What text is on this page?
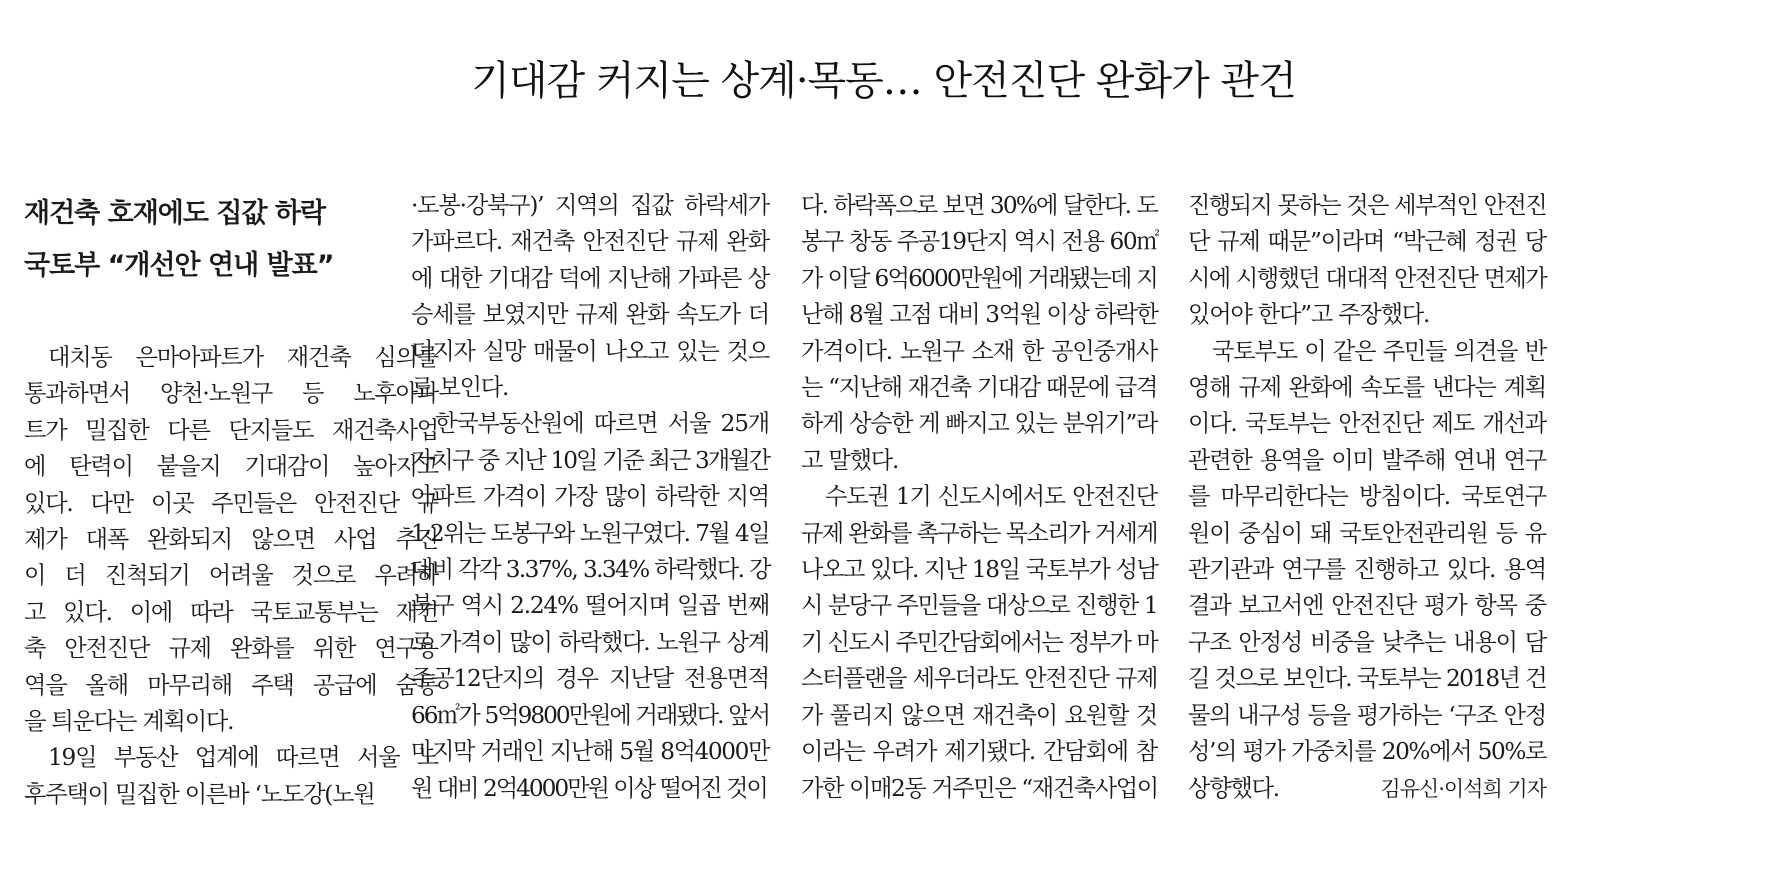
기대감 커지는 상계·목동… 안전진단 완화가 관건
재건축 호재에도 집값 하락
국토부 “개선안 연내 발표”

대치동 은마아파트가 재건축 심의를

통과하면서 양천·노원구 등 노후아파

트가 밀집한 다른 단지들도 재건축사업

에 탄력이 붙을지 기대감이 높아지고

있다. 다만 이곳 주민들은 안전진단 규

제가 대폭 완화되지 않으면 사업 추진

이 더 진척되기 어려울 것으로 우려하

고 있다. 이에 따라 국토교통부는 재건

축 안전진단 규제 완화를 위한 연구용

역을 올해 마무리해 주택 공급에 숨통

을 틔운다는 계획이다.

19일 부동산 업계에 따르면 서울 노

후주택이 밀집한 이른바 ‘노도강(노원

·도봉·강북구)’ 지역의 집값 하락세가

가파르다. 재건축 안전진단 규제 완화

에 대한 기대감 덕에 지난해 가파른 상

승세를 보였지만 규제 완화 속도가 더

뎌지자 실망 매물이 나오고 있는 것으

로 보인다.

한국부동산원에 따르면 서울 25개

자치구 중 지난 10일 기준 최근 3개월간

아파트 가격이 가장 많이 하락한 지역

1·2위는 도봉구와 노원구였다. 7월 4일

대비 각각 3.37%, 3.34% 하락했다. 강

북구 역시 2.24% 떨어지며 일곱 번째

로 가격이 많이 하락했다. 노원구 상계

주공12단지의 경우 지난달 전용면적

66㎡가 5억9800만원에 거래됐다. 앞서

마지막 거래인 지난해 5월 8억4000만

원 대비 2억4000만원 이상 떨어진 것이

다. 하락폭으로 보면 30%에 달한다. 도

봉구 창동 주공19단지 역시 전용 60㎡

가 이달 6억6000만원에 거래됐는데 지

난해 8월 고점 대비 3억원 이상 하락한

가격이다. 노원구 소재 한 공인중개사

는 “지난해 재건축 기대감 때문에 급격

하게 상승한 게 빠지고 있는 분위기”라

고 말했다.

수도권 1기 신도시에서도 안전진단

규제 완화를 촉구하는 목소리가 거세게

나오고 있다. 지난 18일 국토부가 성남

시 분당구 주민들을 대상으로 진행한 1

기 신도시 주민간담회에서는 정부가 마

스터플랜을 세우더라도 안전진단 규제

가 풀리지 않으면 재건축이 요원할 것

이라는 우려가 제기됐다. 간담회에 참

가한 이매2동 거주민은 “재건축사업이

진행되지 못하는 것은 세부적인 안전진

단 규제 때문”이라며 “박근혜 정권 당

시에 시행했던 대대적 안전진단 면제가

있어야 한다”고 주장했다.

국토부도 이 같은 주민들 의견을 반

영해 규제 완화에 속도를 낸다는 계획

이다. 국토부는 안전진단 제도 개선과

관련한 용역을 이미 발주해 연내 연구

를 마무리한다는 방침이다. 국토연구

원이 중심이 돼 국토안전관리원 등 유

관기관과 연구를 진행하고 있다. 용역

결과 보고서엔 안전진단 평가 항목 중

구조 안정성 비중을 낮추는 내용이 담

길 것으로 보인다. 국토부는 2018년 건

물의 내구성 등을 평가하는 ‘구조 안정

성’의 평가 가중치를 20%에서 50%로

상향했다.	김유신·이석희 기자
